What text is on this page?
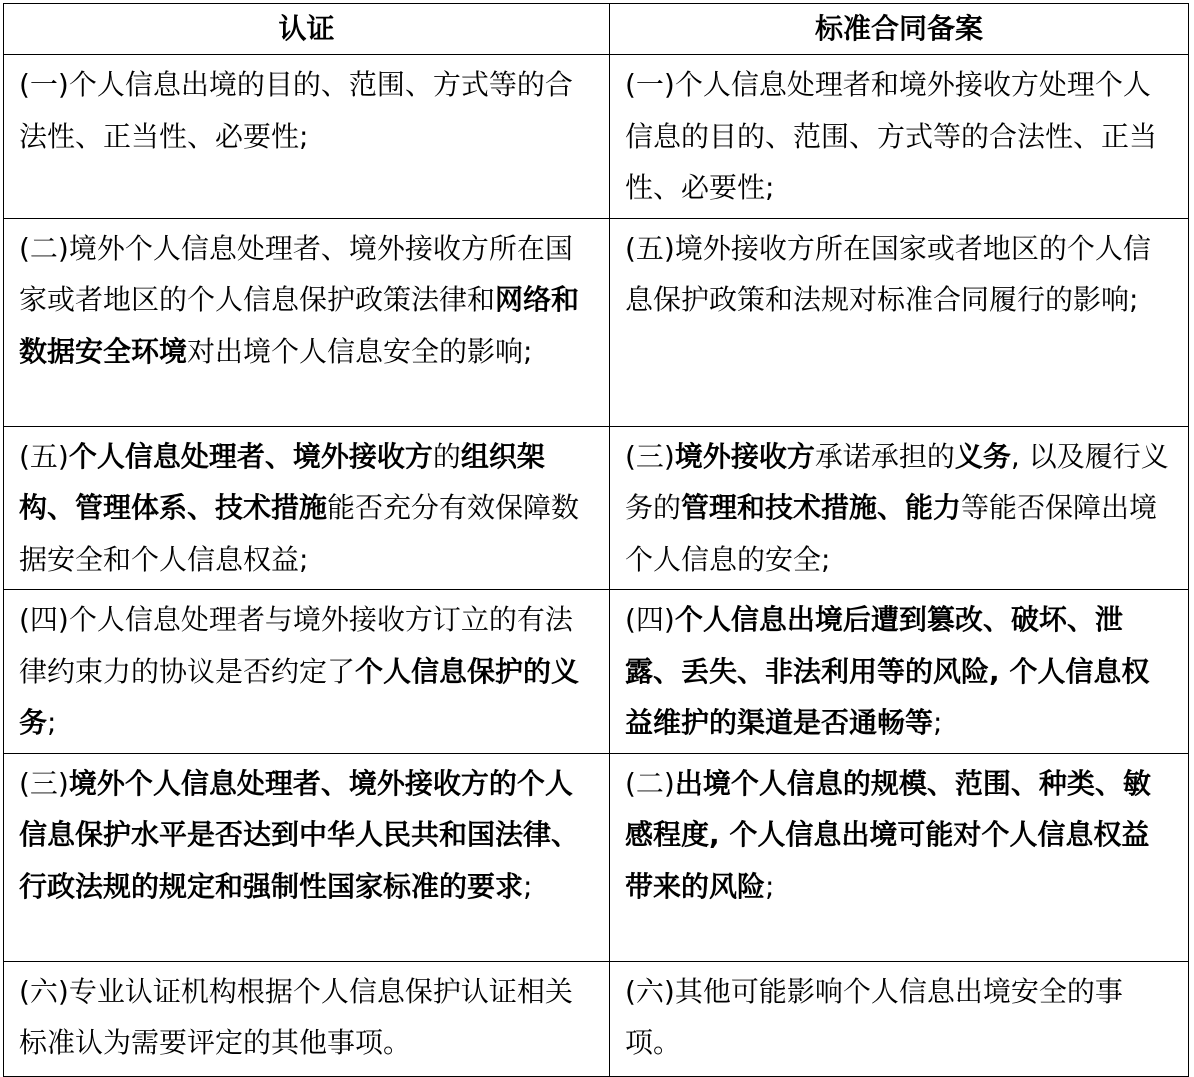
认证	标准合同备案

(一)个人信息出境的目的、范围、方式等的合法性、正当性、必要性;	(一)个人信息处理者和境外接收方处理个人信息的目的、范围、方式等的合法性、正当性、必要性;

(二)境外个人信息处理者、境外接收方所在国家或者地区的个人信息保护政策法律和网络和数据安全环境对出境个人信息安全的影响;	(五)境外接收方所在国家或者地区的个人信息保护政策和法规对标准合同履行的影响;

(五)个人信息处理者、境外接收方的组织架构、管理体系、技术措施能否充分有效保障数据安全和个人信息权益;	(三)境外接收方承诺承担的义务, 以及履行义务的管理和技术措施、能力等能否保障出境个人信息的安全;

(四)个人信息处理者与境外接收方订立的有法律约束力的协议是否约定了个人信息保护的义务;	(四)个人信息出境后遭到篡改、破坏、泄露、丢失、非法利用等的风险, 个人信息权益维护的渠道是否通畅等;

(三)境外个人信息处理者、境外接收方的个人信息保护水平是否达到中华人民共和国法律、行政法规的规定和强制性国家标准的要求;	(二)出境个人信息的规模、范围、种类、敏感程度, 个人信息出境可能对个人信息权益带来的风险;

(六)专业认证机构根据个人信息保护认证相关标准认为需要评定的其他事项。	(六)其他可能影响个人信息出境安全的事项。
